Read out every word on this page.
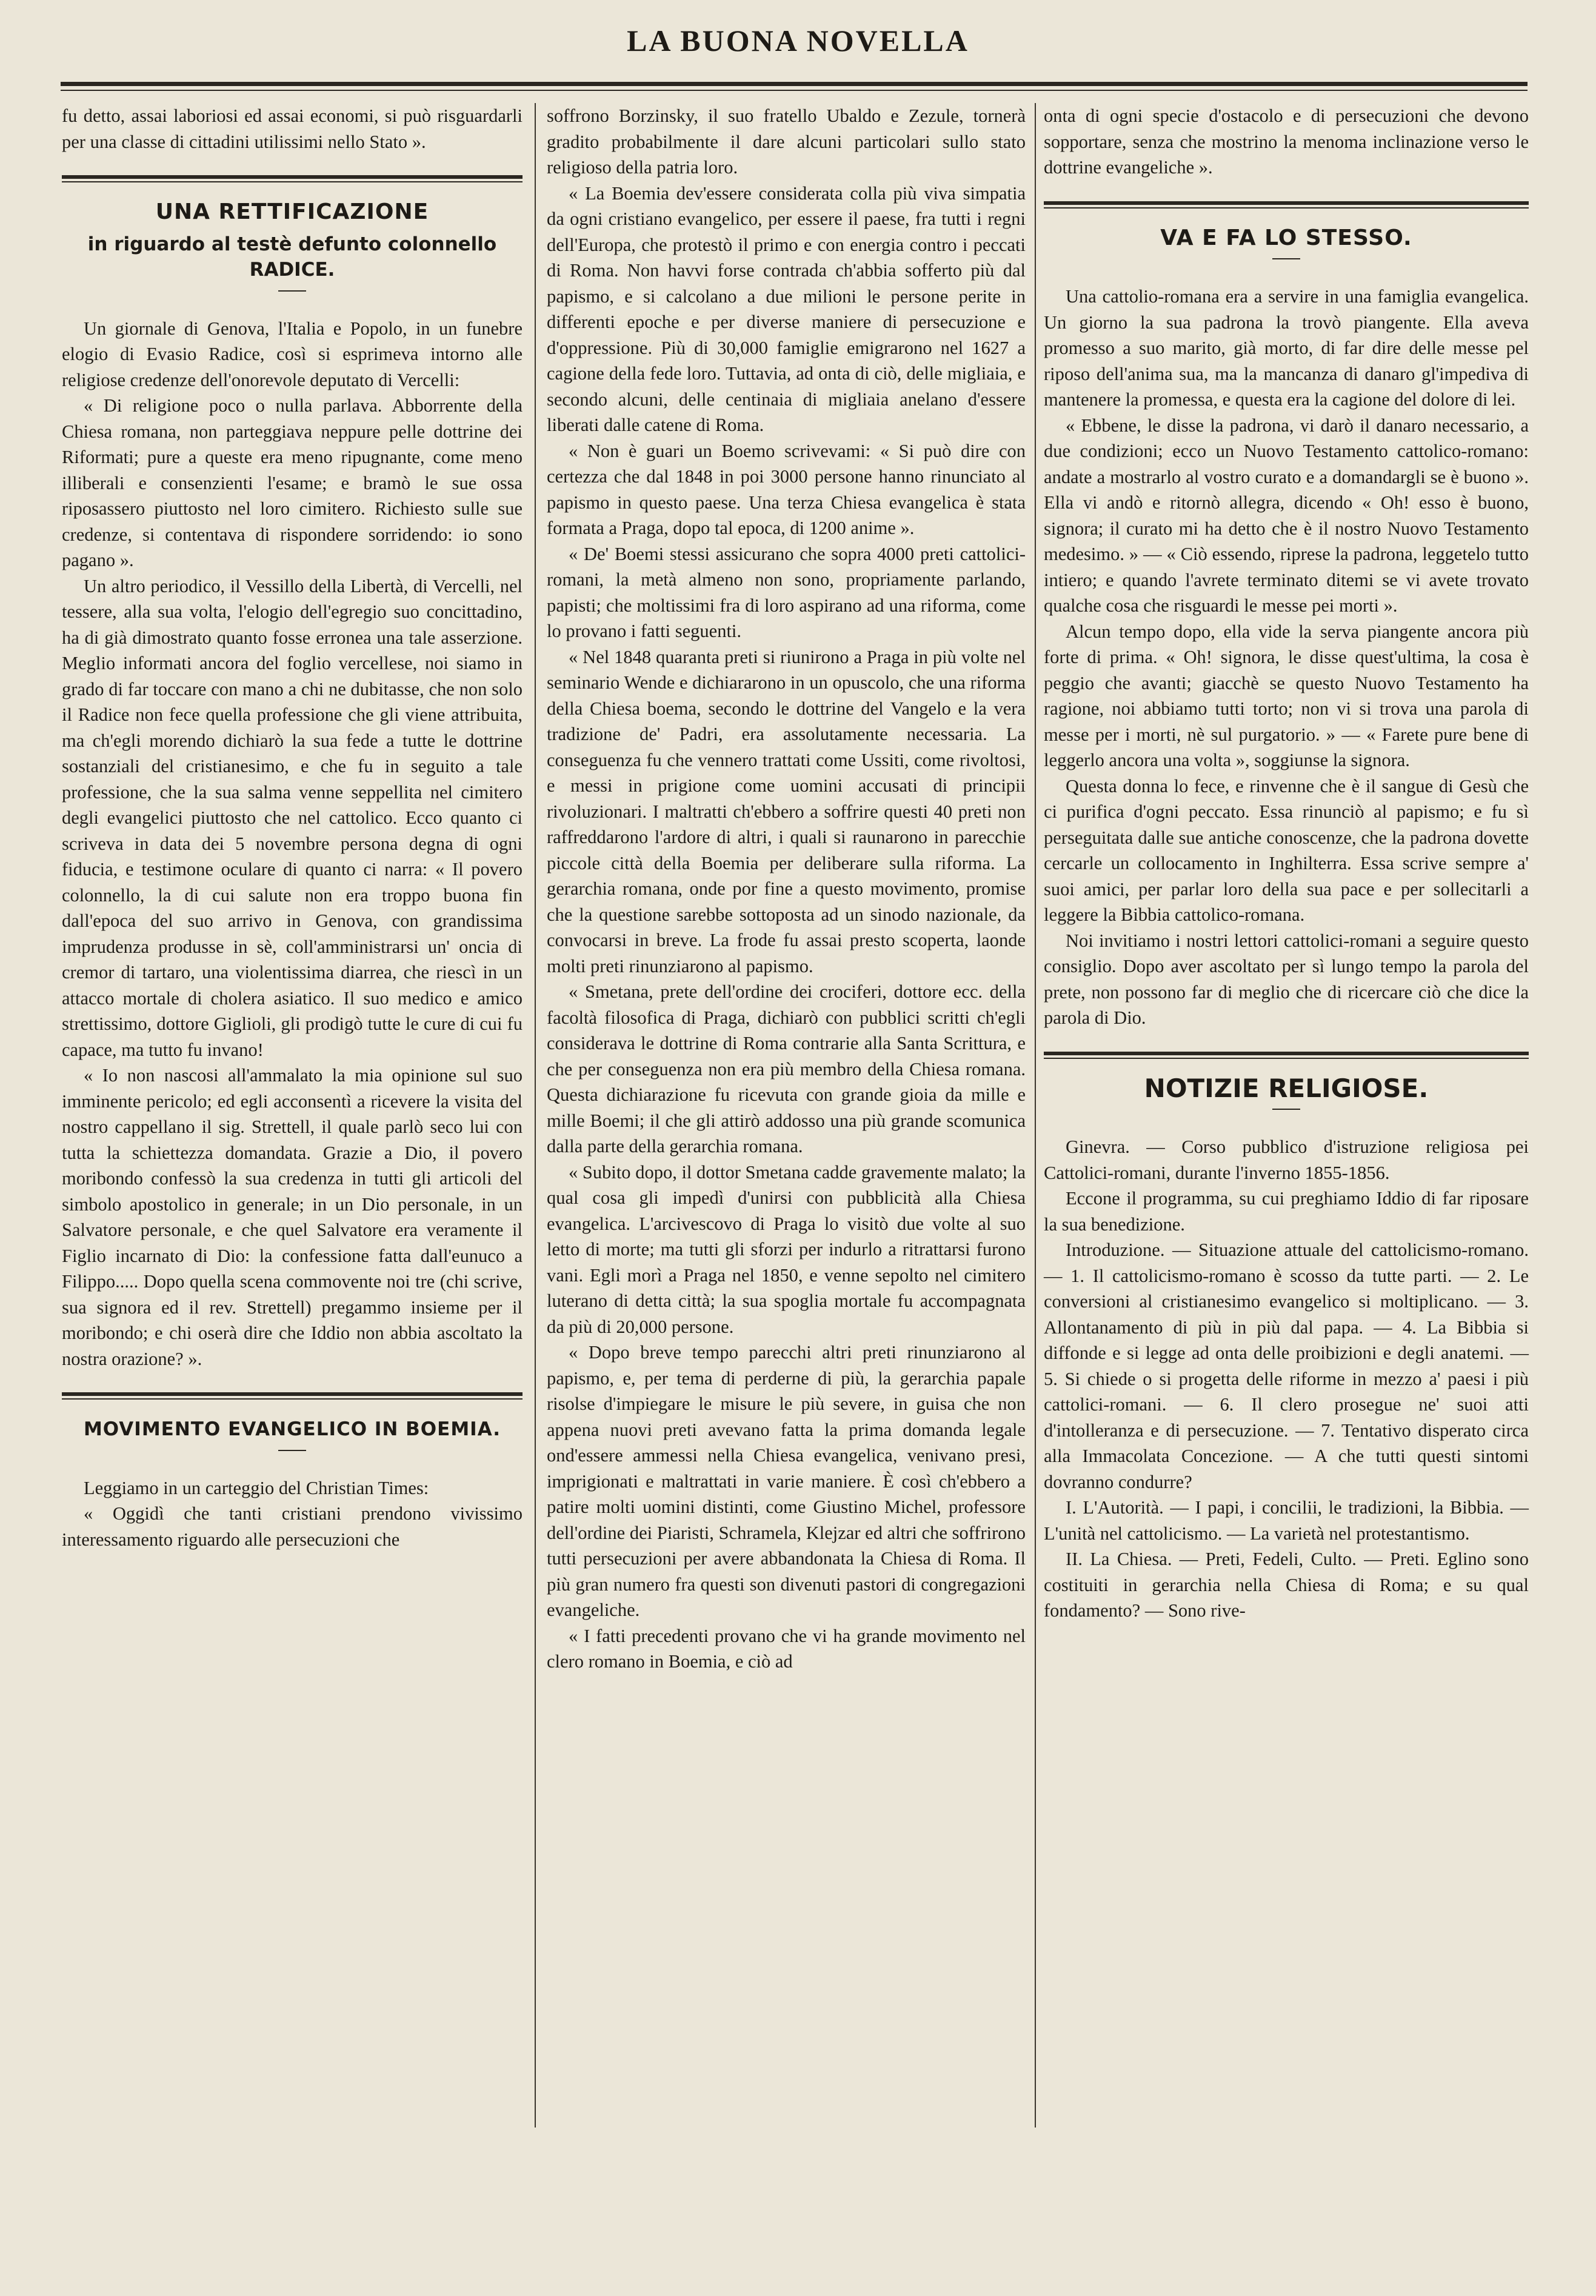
LA BUONA NOVELLA

fu detto, assai laboriosi ed assai economi, si può risguardarli per una classe di cittadini utilissimi nello Stato ».

UNA RETTIFICAZIONE
in riguardo al testè defunto colonnello RADICE.

Un giornale di Genova, l'Italia e Popolo, in un funebre elogio di Evasio Radice, così si esprimeva intorno alle religiose credenze dell'onorevole deputato di Vercelli:

« Di religione poco o nulla parlava. Abborrente della Chiesa romana, non parteggiava neppure pelle dottrine dei Riformati; pure a queste era meno ripugnante, come meno illiberali e consenzienti l'esame; e bramò le sue ossa riposassero piuttosto nel loro cimitero. Richiesto sulle sue credenze, si contentava di rispondere sorridendo: io sono pagano ».

Un altro periodico, il Vessillo della Libertà, di Vercelli, nel tessere, alla sua volta, l'elogio dell'egregio suo concittadino, ha di già dimostrato quanto fosse erronea una tale asserzione. Meglio informati ancora del foglio vercellese, noi siamo in grado di far toccare con mano a chi ne dubitasse, che non solo il Radice non fece quella professione che gli viene attribuita, ma ch'egli morendo dichiarò la sua fede a tutte le dottrine sostanziali del cristianesimo, e che fu in seguito a tale professione, che la sua salma venne seppellita nel cimitero degli evangelici piuttosto che nel cattolico. Ecco quanto ci scriveva in data dei 5 novembre persona degna di ogni fiducia, e testimone oculare di quanto ci narra: « Il povero colonnello, la di cui salute non era troppo buona fin dall'epoca del suo arrivo in Genova, con grandissima imprudenza produsse in sè, coll'amministrarsi un' oncia di cremor di tartaro, una violentissima diarrea, che riescì in un attacco mortale di cholera asiatico. Il suo medico e amico strettissimo, dottore Giglioli, gli prodigò tutte le cure di cui fu capace, ma tutto fu invano!

« Io non nascosi all'ammalato la mia opinione sul suo imminente pericolo; ed egli acconsentì a ricevere la visita del nostro cappellano il sig. Strettell, il quale parlò seco lui con tutta la schiettezza domandata. Grazie a Dio, il povero moribondo confessò la sua credenza in tutti gli articoli del simbolo apostolico in generale; in un Dio personale, in un Salvatore personale, e che quel Salvatore era veramente il Figlio incarnato di Dio: la confessione fatta dall'eunuco a Filippo..... Dopo quella scena commovente noi tre (chi scrive, sua signora ed il rev. Strettell) pregammo insieme per il moribondo; e chi oserà dire che Iddio non abbia ascoltato la nostra orazione? ».

MOVIMENTO EVANGELICO IN BOEMIA.

Leggiamo in un carteggio del Christian Times:

« Oggidì che tanti cristiani prendono vivissimo interessamento riguardo alle persecuzioni che

soffrono Borzinsky, il suo fratello Ubaldo e Zezule, tornerà gradito probabilmente il dare alcuni particolari sullo stato religioso della patria loro.

« La Boemia dev'essere considerata colla più viva simpatia da ogni cristiano evangelico, per essere il paese, fra tutti i regni dell'Europa, che protestò il primo e con energia contro i peccati di Roma. Non havvi forse contrada ch'abbia sofferto più dal papismo, e si calcolano a due milioni le persone perite in differenti epoche e per diverse maniere di persecuzione e d'oppressione. Più di 30,000 famiglie emigrarono nel 1627 a cagione della fede loro. Tuttavia, ad onta di ciò, delle migliaia, e secondo alcuni, delle centinaia di migliaia anelano d'essere liberati dalle catene di Roma.

« Non è guari un Boemo scrivevami: « Si può dire con certezza che dal 1848 in poi 3000 persone hanno rinunciato al papismo in questo paese. Una terza Chiesa evangelica è stata formata a Praga, dopo tal epoca, di 1200 anime ».

« De' Boemi stessi assicurano che sopra 4000 preti cattolici-romani, la metà almeno non sono, propriamente parlando, papisti; che moltissimi fra di loro aspirano ad una riforma, come lo provano i fatti seguenti.

« Nel 1848 quaranta preti si riunirono a Praga in più volte nel seminario Wende e dichiararono in un opuscolo, che una riforma della Chiesa boema, secondo le dottrine del Vangelo e la vera tradizione de' Padri, era assolutamente necessaria. La conseguenza fu che vennero trattati come Ussiti, come rivoltosi, e messi in prigione come uomini accusati di principii rivoluzionari. I maltratti ch'ebbero a soffrire questi 40 preti non raffreddarono l'ardore di altri, i quali si raunarono in parecchie piccole città della Boemia per deliberare sulla riforma. La gerarchia romana, onde por fine a questo movimento, promise che la questione sarebbe sottoposta ad un sinodo nazionale, da convocarsi in breve. La frode fu assai presto scoperta, laonde molti preti rinunziarono al papismo.

« Smetana, prete dell'ordine dei crociferi, dottore ecc. della facoltà filosofica di Praga, dichiarò con pubblici scritti ch'egli considerava le dottrine di Roma contrarie alla Santa Scrittura, e che per conseguenza non era più membro della Chiesa romana. Questa dichiarazione fu ricevuta con grande gioia da mille e mille Boemi; il che gli attirò addosso una più grande scomunica dalla parte della gerarchia romana.

« Subito dopo, il dottor Smetana cadde gravemente malato; la qual cosa gli impedì d'unirsi con pubblicità alla Chiesa evangelica. L'arcivescovo di Praga lo visitò due volte al suo letto di morte; ma tutti gli sforzi per indurlo a ritrattarsi furono vani. Egli morì a Praga nel 1850, e venne sepolto nel cimitero luterano di detta città; la sua spoglia mortale fu accompagnata da più di 20,000 persone.

« Dopo breve tempo parecchi altri preti rinunziarono al papismo, e, per tema di perderne di più, la gerarchia papale risolse d'impiegare le misure le più severe, in guisa che non appena nuovi preti avevano fatta la prima domanda legale ond'essere ammessi nella Chiesa evangelica, venivano presi, imprigionati e maltrattati in varie maniere. È così ch'ebbero a patire molti uomini distinti, come Giustino Michel, professore dell'ordine dei Piaristi, Schramela, Klejzar ed altri che soffrirono tutti persecuzioni per avere abbandonata la Chiesa di Roma. Il più gran numero fra questi son divenuti pastori di congregazioni evangeliche.

« I fatti precedenti provano che vi ha grande movimento nel clero romano in Boemia, e ciò ad

onta di ogni specie d'ostacolo e di persecuzioni che devono sopportare, senza che mostrino la menoma inclinazione verso le dottrine evangeliche ».

VA E FA LO STESSO.

Una cattolio-romana era a servire in una famiglia evangelica. Un giorno la sua padrona la trovò piangente. Ella aveva promesso a suo marito, già morto, di far dire delle messe pel riposo dell'anima sua, ma la mancanza di danaro gl'impediva di mantenere la promessa, e questa era la cagione del dolore di lei.

« Ebbene, le disse la padrona, vi darò il danaro necessario, a due condizioni; ecco un Nuovo Testamento cattolico-romano: andate a mostrarlo al vostro curato e a domandargli se è buono ». Ella vi andò e ritornò allegra, dicendo « Oh! esso è buono, signora; il curato mi ha detto che è il nostro Nuovo Testamento medesimo. » — « Ciò essendo, riprese la padrona, leggetelo tutto intiero; e quando l'avrete terminato ditemi se vi avete trovato qualche cosa che risguardi le messe pei morti ».

Alcun tempo dopo, ella vide la serva piangente ancora più forte di prima. « Oh! signora, le disse quest'ultima, la cosa è peggio che avanti; giacchè se questo Nuovo Testamento ha ragione, noi abbiamo tutti torto; non vi si trova una parola di messe per i morti, nè sul purgatorio. » — « Farete pure bene di leggerlo ancora una volta », soggiunse la signora.

Questa donna lo fece, e rinvenne che è il sangue di Gesù che ci purifica d'ogni peccato. Essa rinunciò al papismo; e fu sì perseguitata dalle sue antiche conoscenze, che la padrona dovette cercarle un collocamento in Inghilterra. Essa scrive sempre a' suoi amici, per parlar loro della sua pace e per sollecitarli a leggere la Bibbia cattolico-romana.

Noi invitiamo i nostri lettori cattolici-romani a seguire questo consiglio. Dopo aver ascoltato per sì lungo tempo la parola del prete, non possono far di meglio che di ricercare ciò che dice la parola di Dio.

NOTIZIE RELIGIOSE.

Ginevra. — Corso pubblico d'istruzione religiosa pei Cattolici-romani, durante l'inverno 1855-1856.

Eccone il programma, su cui preghiamo Iddio di far riposare la sua benedizione.

Introduzione. — Situazione attuale del cattolicismo-romano. — 1. Il cattolicismo-romano è scosso da tutte parti. — 2. Le conversioni al cristianesimo evangelico si moltiplicano. — 3. Allontanamento di più in più dal papa. — 4. La Bibbia si diffonde e si legge ad onta delle proibizioni e degli anatemi. — 5. Si chiede o si progetta delle riforme in mezzo a' paesi i più cattolici-romani. — 6. Il clero prosegue ne' suoi atti d'intolleranza e di persecuzione. — 7. Tentativo disperato circa alla Immacolata Concezione. — A che tutti questi sintomi dovranno condurre?

I. L'Autorità. — I papi, i concilii, le tradizioni, la Bibbia. — L'unità nel cattolicismo. — La varietà nel protestantismo.

II. La Chiesa. — Preti, Fedeli, Culto. — Preti. Eglino sono costituiti in gerarchia nella Chiesa di Roma; e su qual fondamento? — Sono rive-
